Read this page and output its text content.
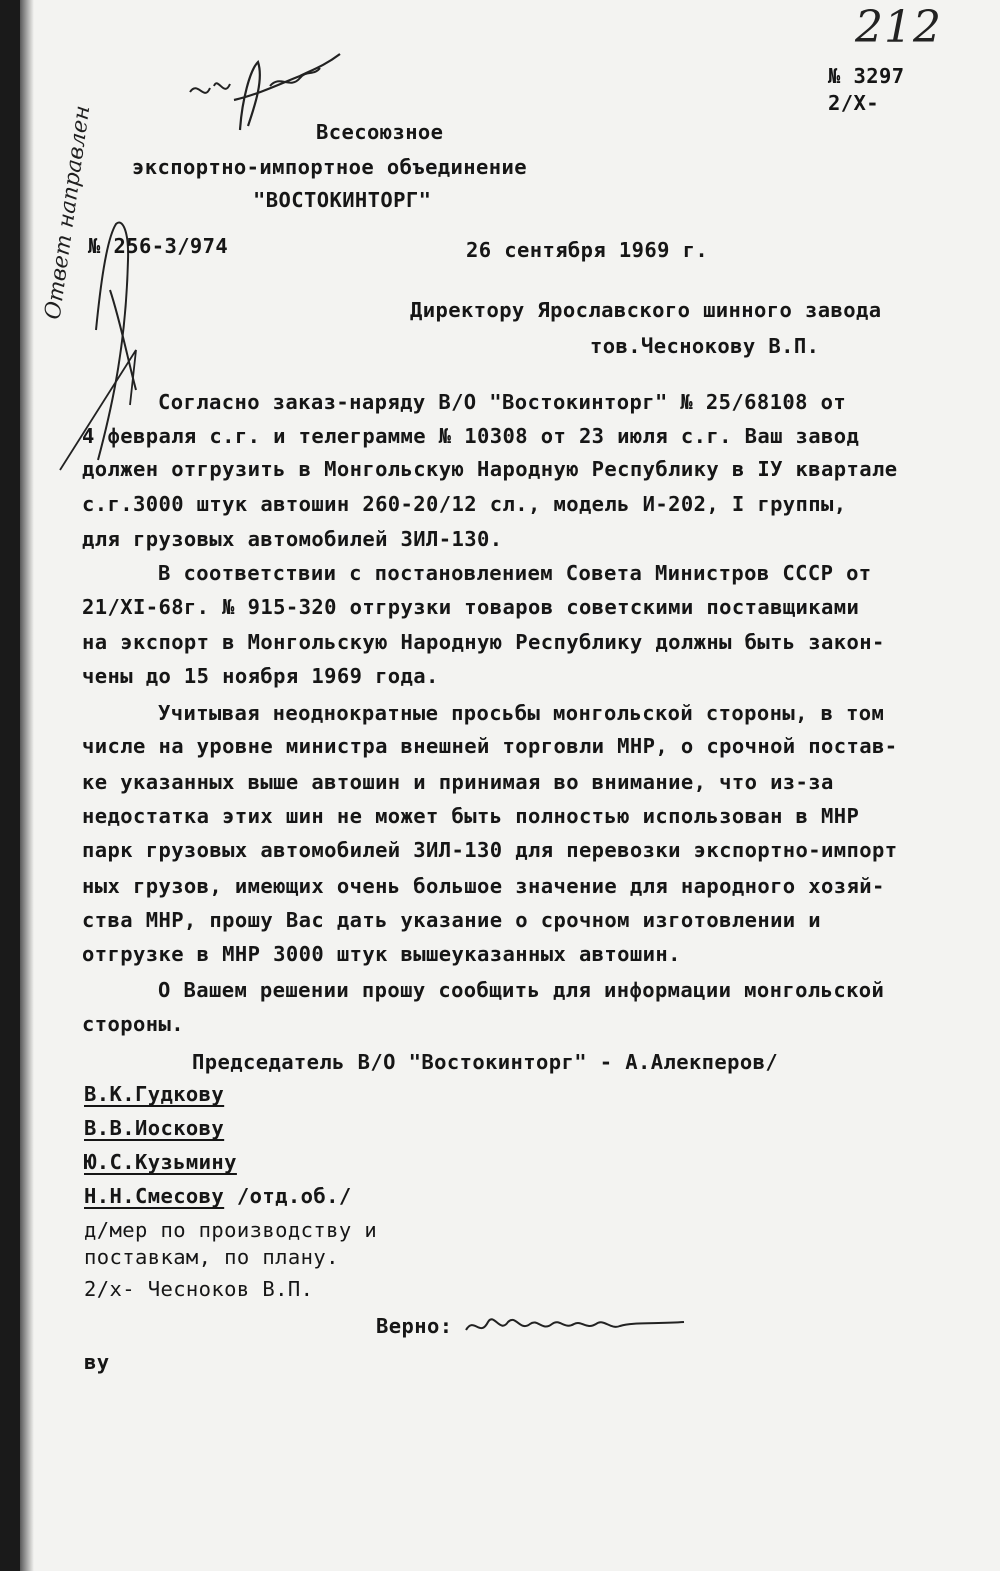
212
№ 3297
2/X-
Ответ направлен	Всесоюзное
экспортно-импортное объединение
"ВОСТОКИНТОРГ"
№ 256-3/974	26 сентября 1969 г.
Директору Ярославского шинного завода
тов.Чеснокову В.П.
Согласно заказ-наряду В/О "Востокинторг" № 25/68108 от
4 февраля с.г. и телеграмме № 10308 от 23 июля с.г. Ваш завод
должен отгрузить в Монгольскую Народную Республику в IУ квартале
с.г.3000 штук автошин 260-20/12 сл., модель И-202, I группы,
для грузовых автомобилей ЗИЛ-130.
В соответствии с постановлением Совета Министров СССР от
21/XI-68г. № 915-320 отгрузки товаров советскими поставщиками
на экспорт в Монгольскую Народную Республику должны быть закон-
чены до 15 ноября 1969 года.
Учитывая неоднократные просьбы монгольской стороны, в том
числе на уровне министра внешней торговли МНР, о срочной постав-
ке указанных выше автошин и принимая во внимание, что из-за
недостатка этих шин не может быть полностью использован в МНР
парк грузовых автомобилей ЗИЛ-130 для перевозки экспортно-импорт
ных грузов, имеющих очень большое значение для народного хозяй-
ства МНР, прошу Вас дать указание о срочном изготовлении и
отгрузке в МНР 3000 штук вышеуказанных автошин.
О Вашем решении прошу сообщить для информации монгольской
стороны.
Председатель В/О "Востокинторг" - А.Алекперов/
В.К.Гудкову
В.В.Иоскову
Ю.С.Кузьмину
Н.Н.Смесову /отд.об./
д/мер по производству и
поставкам, по плану.
2/х- Чесноков В.П.
Верно:
ву
